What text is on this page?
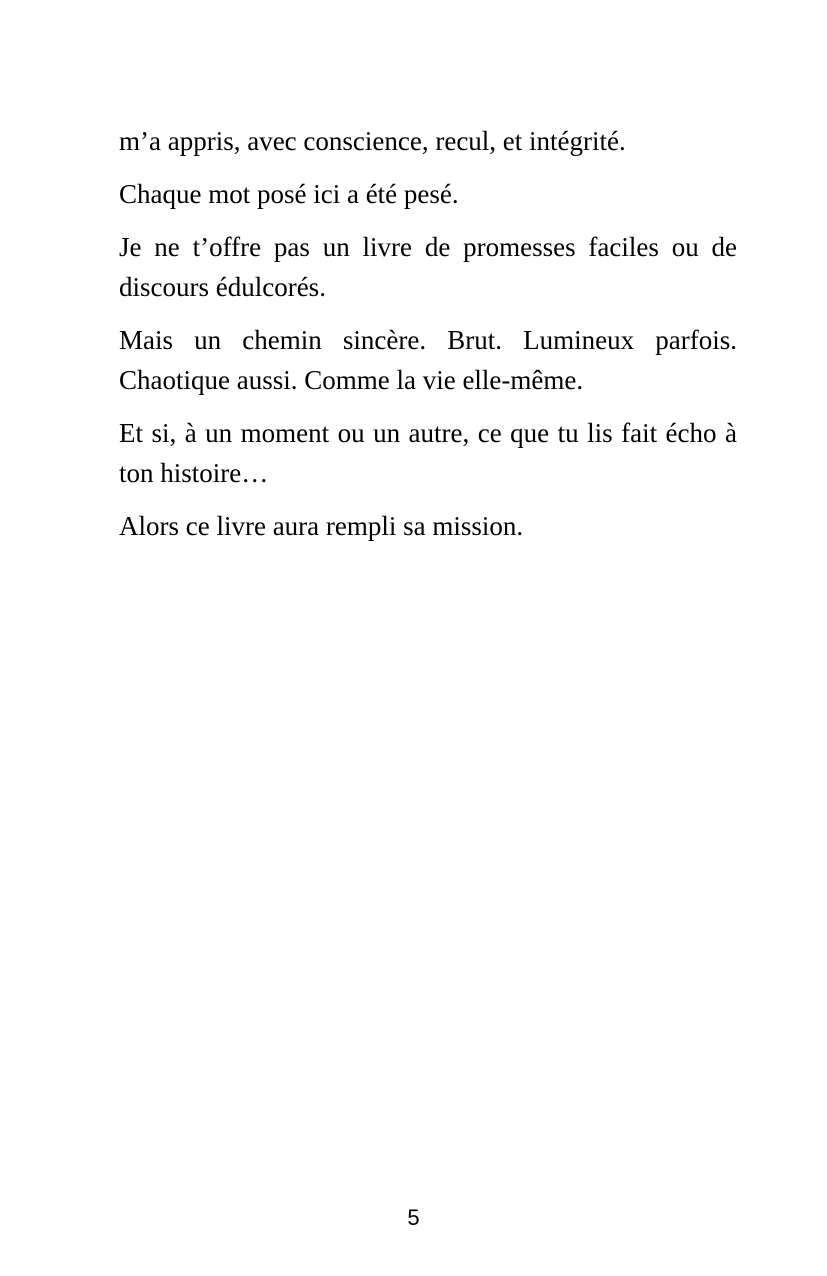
m’a appris, avec conscience, recul, et intégrité.

Chaque mot posé ici a été pesé.

Je ne t’offre pas un livre de promesses faciles ou de discours édulcorés.

Mais un chemin sincère. Brut. Lumineux parfois. Chaotique aussi. Comme la vie elle-même.

Et si, à un moment ou un autre, ce que tu lis fait écho à ton histoire…

Alors ce livre aura rempli sa mission.

5
